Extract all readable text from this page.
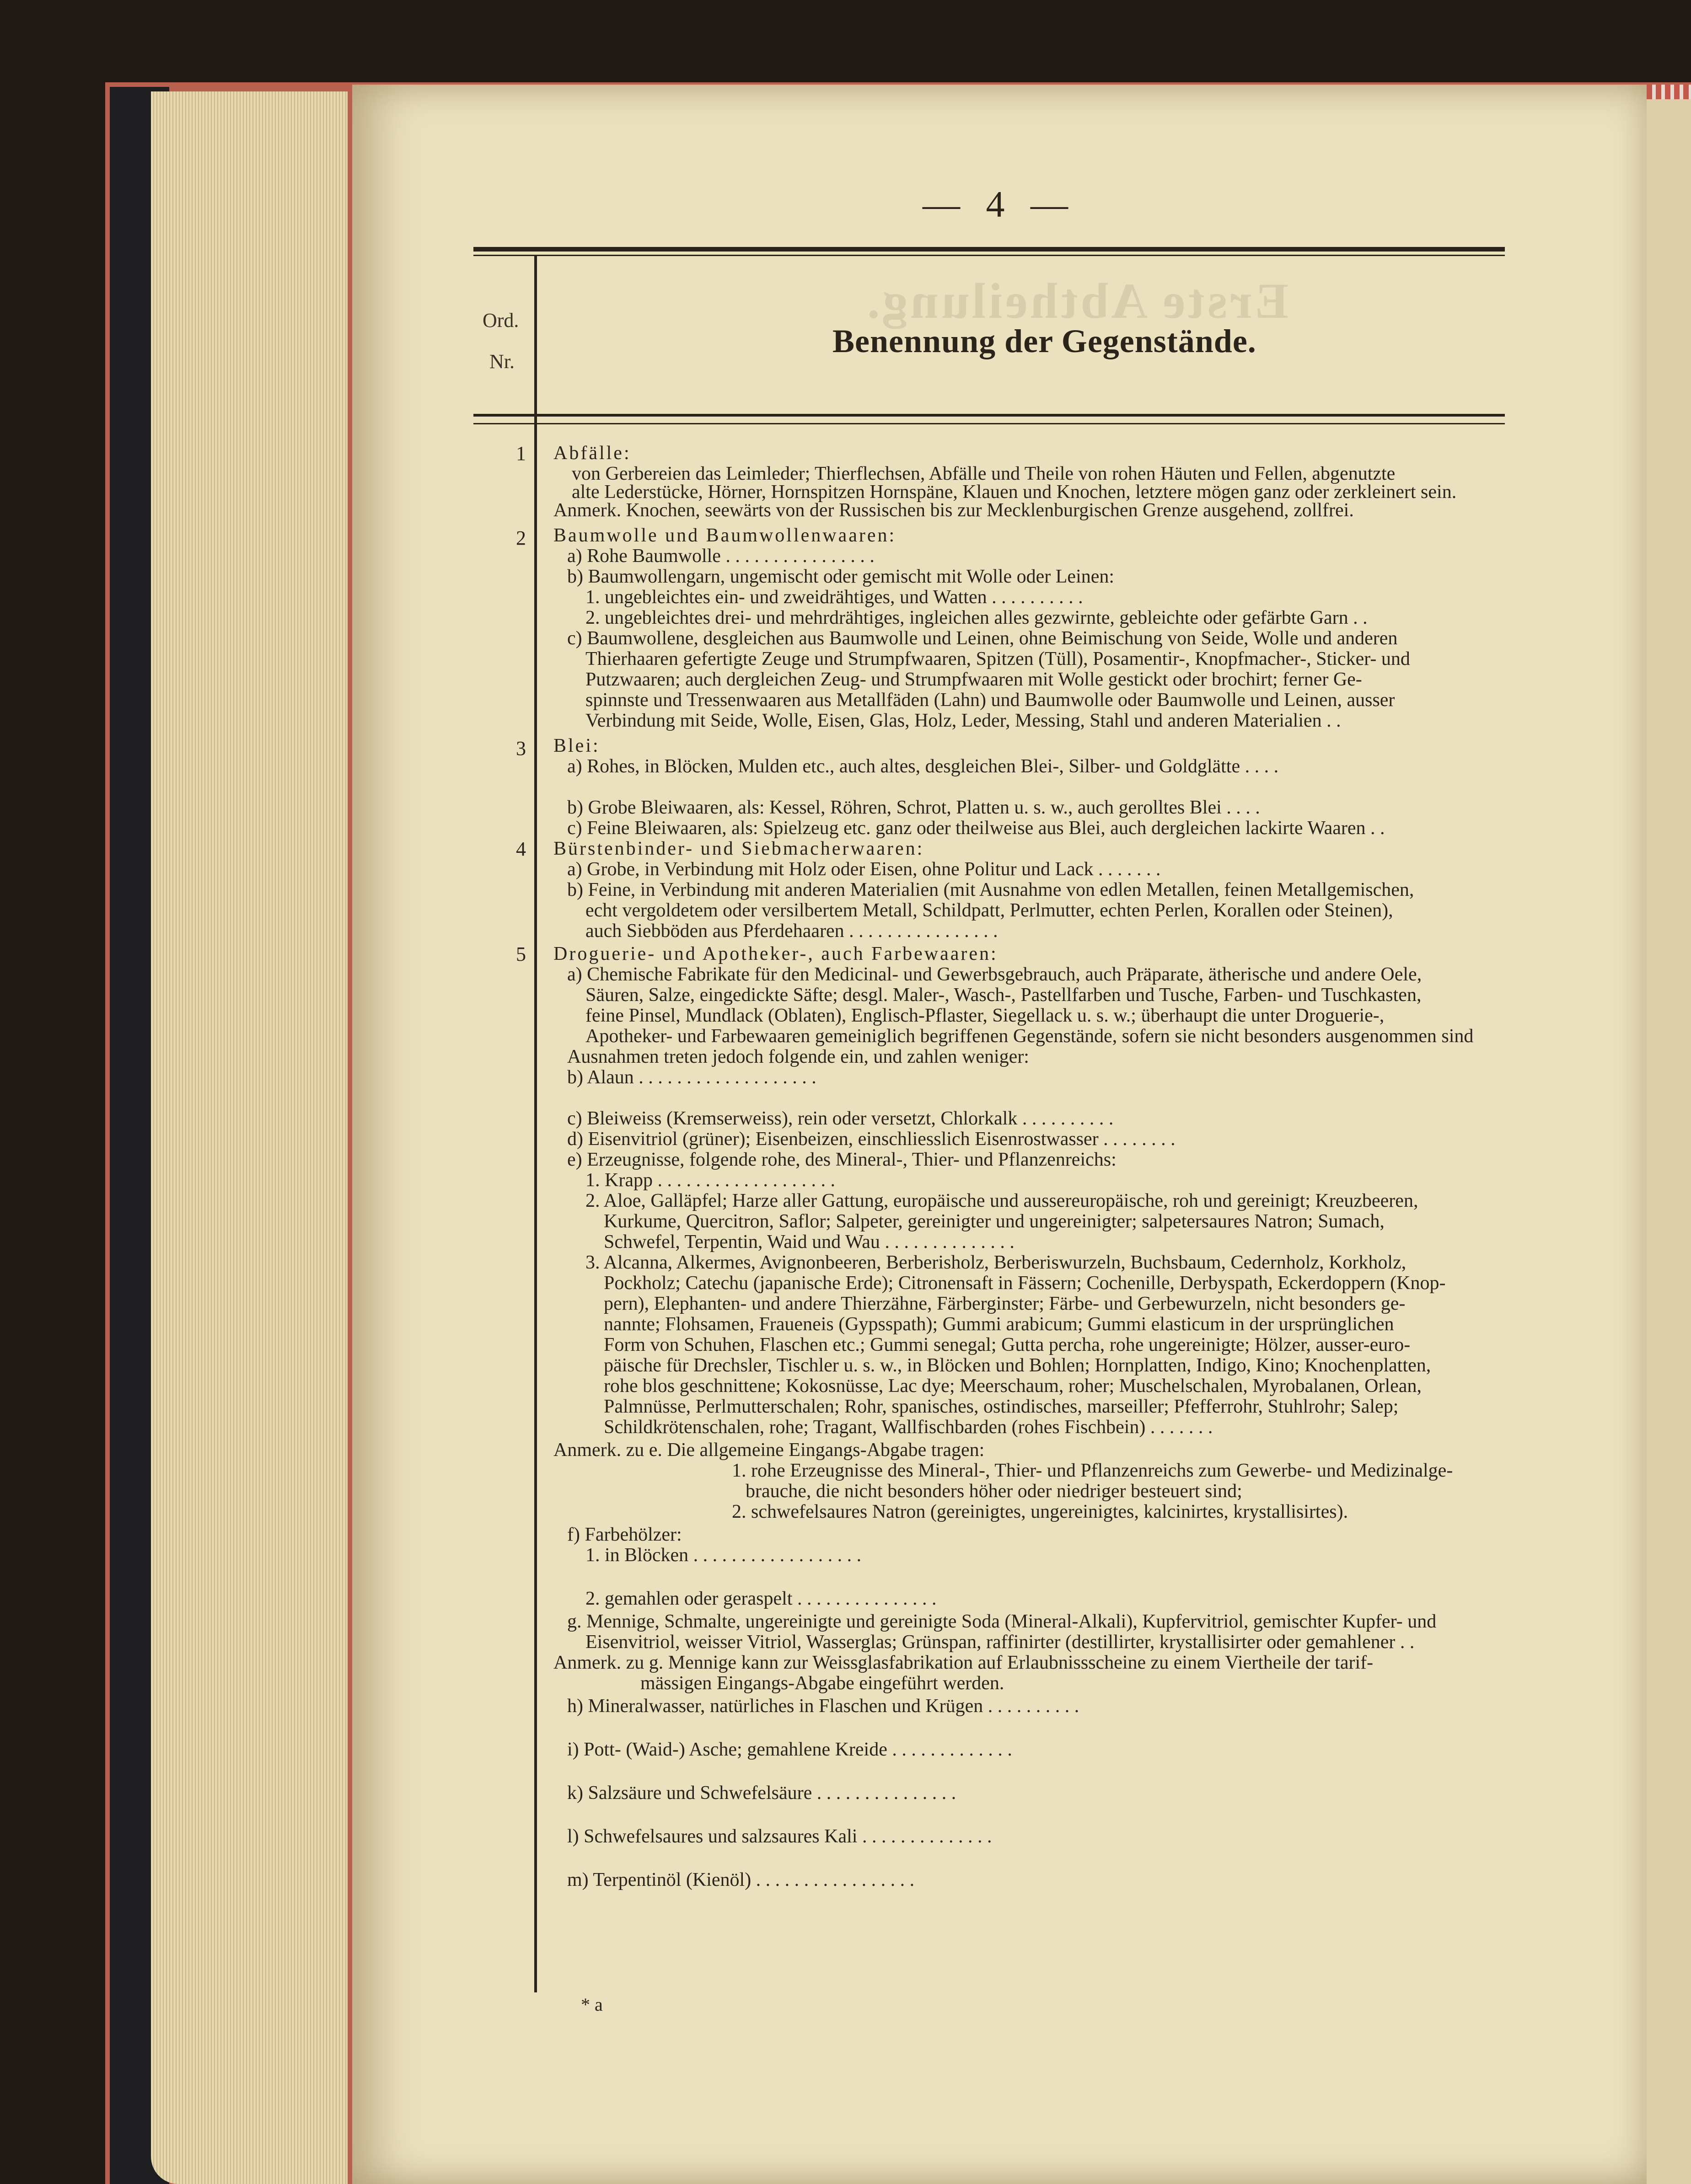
— 4 —
Erste Abtheilung.
Ord.
Nr.
Benennung der Gegenstände.
1
2
3
4
5
Abfälle:
von Gerbereien das Leimleder; Thierflechsen, Abfälle und Theile von rohen Häuten und Fellen, abgenutzte
alte Lederstücke, Hörner, Hornspitzen Hornspäne, Klauen und Knochen, letztere mögen ganz oder zerkleinert sein.
Anmerk. Knochen, seewärts von der Russischen bis zur Mecklenburgischen Grenze ausgehend, zollfrei.
Baumwolle und Baumwollenwaaren:
a) Rohe Baumwolle . . . . . . . . . . . . . . . .
b) Baumwollengarn, ungemischt oder gemischt mit Wolle oder Leinen:
1. ungebleichtes ein- und zweidrähtiges, und Watten . . . . . . . . . .
2. ungebleichtes drei- und mehrdrähtiges, ingleichen alles gezwirnte, gebleichte oder gefärbte Garn . .
c) Baumwollene, desgleichen aus Baumwolle und Leinen, ohne Beimischung von Seide, Wolle und anderen
Thierhaaren gefertigte Zeuge und Strumpfwaaren, Spitzen (Tüll), Posamentir-, Knopfmacher-, Sticker- und
Putzwaaren; auch dergleichen Zeug- und Strumpfwaaren mit Wolle gestickt oder brochirt; ferner Ge-
spinnste und Tressenwaaren aus Metallfäden (Lahn) und Baumwolle oder Baumwolle und Leinen, ausser
Verbindung mit Seide, Wolle, Eisen, Glas, Holz, Leder, Messing, Stahl und anderen Materialien . .
Blei:
a) Rohes, in Blöcken, Mulden etc., auch altes, desgleichen Blei-, Silber- und Goldglätte . . . .
b) Grobe Bleiwaaren, als: Kessel, Röhren, Schrot, Platten u. s. w., auch gerolltes Blei . . . .
c) Feine Bleiwaaren, als: Spielzeug etc. ganz oder theilweise aus Blei, auch dergleichen lackirte Waaren . .
Bürstenbinder- und Siebmacherwaaren:
a) Grobe, in Verbindung mit Holz oder Eisen, ohne Politur und Lack . . . . . . .
b) Feine, in Verbindung mit anderen Materialien (mit Ausnahme von edlen Metallen, feinen Metallgemischen,
echt vergoldetem oder versilbertem Metall, Schildpatt, Perlmutter, echten Perlen, Korallen oder Steinen),
auch Siebböden aus Pferdehaaren . . . . . . . . . . . . . . . .
Droguerie- und Apotheker-, auch Farbewaaren:
a) Chemische Fabrikate für den Medicinal- und Gewerbsgebrauch, auch Präparate, ätherische und andere Oele,
Säuren, Salze, eingedickte Säfte; desgl. Maler-, Wasch-, Pastellfarben und Tusche, Farben- und Tuschkasten,
feine Pinsel, Mundlack (Oblaten), Englisch-Pflaster, Siegellack u. s. w.; überhaupt die unter Droguerie-,
Apotheker- und Farbewaaren gemeiniglich begriffenen Gegenstände, sofern sie nicht besonders ausgenommen sind
Ausnahmen treten jedoch folgende ein, und zahlen weniger:
b) Alaun . . . . . . . . . . . . . . . . . . .
c) Bleiweiss (Kremserweiss), rein oder versetzt, Chlorkalk . . . . . . . . . .
d) Eisenvitriol (grüner); Eisenbeizen, einschliesslich Eisenrostwasser . . . . . . . .
e) Erzeugnisse, folgende rohe, des Mineral-, Thier- und Pflanzenreichs:
1. Krapp . . . . . . . . . . . . . . . . . . .
2. Aloe, Galläpfel; Harze aller Gattung, europäische und aussereuropäische, roh und gereinigt; Kreuzbeeren,
Kurkume, Quercitron, Saflor; Salpeter, gereinigter und ungereinigter; salpetersaures Natron; Sumach,
Schwefel, Terpentin, Waid und Wau . . . . . . . . . . . . . .
3. Alcanna, Alkermes, Avignonbeeren, Berberisholz, Berberiswurzeln, Buchsbaum, Cedernholz, Korkholz,
Pockholz; Catechu (japanische Erde); Citronensaft in Fässern; Cochenille, Derbyspath, Eckerdoppern (Knop-
pern), Elephanten- und andere Thierzähne, Färberginster; Färbe- und Gerbewurzeln, nicht besonders ge-
nannte; Flohsamen, Fraueneis (Gypsspath); Gummi arabicum; Gummi elasticum in der ursprünglichen
Form von Schuhen, Flaschen etc.; Gummi senegal; Gutta percha, rohe ungereinigte; Hölzer, ausser-euro-
päische für Drechsler, Tischler u. s. w., in Blöcken und Bohlen; Hornplatten, Indigo, Kino; Knochenplatten,
rohe blos geschnittene; Kokosnüsse, Lac dye; Meerschaum, roher; Muschelschalen, Myrobalanen, Orlean,
Palmnüsse, Perlmutterschalen; Rohr, spanisches, ostindisches, marseiller; Pfefferrohr, Stuhlrohr; Salep;
Schildkrötenschalen, rohe; Tragant, Wallfischbarden (rohes Fischbein) . . . . . . .
Anmerk. zu e. Die allgemeine Eingangs-Abgabe tragen:
1. rohe Erzeugnisse des Mineral-, Thier- und Pflanzenreichs zum Gewerbe- und Medizinalge-
brauche, die nicht besonders höher oder niedriger besteuert sind;
2. schwefelsaures Natron (gereinigtes, ungereinigtes, kalcinirtes, krystallisirtes).
f) Farbehölzer:
1. in Blöcken . . . . . . . . . . . . . . . . . .
2. gemahlen oder geraspelt . . . . . . . . . . . . . . .
g. Mennige, Schmalte, ungereinigte und gereinigte Soda (Mineral-Alkali), Kupfervitriol, gemischter Kupfer- und
Eisenvitriol, weisser Vitriol, Wasserglas; Grünspan, raffinirter (destillirter, krystallisirter oder gemahlener . .
Anmerk. zu g. Mennige kann zur Weissglasfabrikation auf Erlaubnissscheine zu einem Viertheile der tarif-
mässigen Eingangs-Abgabe eingeführt werden.
h) Mineralwasser, natürliches in Flaschen und Krügen . . . . . . . . . .
i) Pott- (Waid-) Asche; gemahlene Kreide . . . . . . . . . . . . .
k) Salzsäure und Schwefelsäure . . . . . . . . . . . . . . .
l) Schwefelsaures und salzsaures Kali . . . . . . . . . . . . . .
m) Terpentinöl (Kienöl) . . . . . . . . . . . . . . . . .
* a
